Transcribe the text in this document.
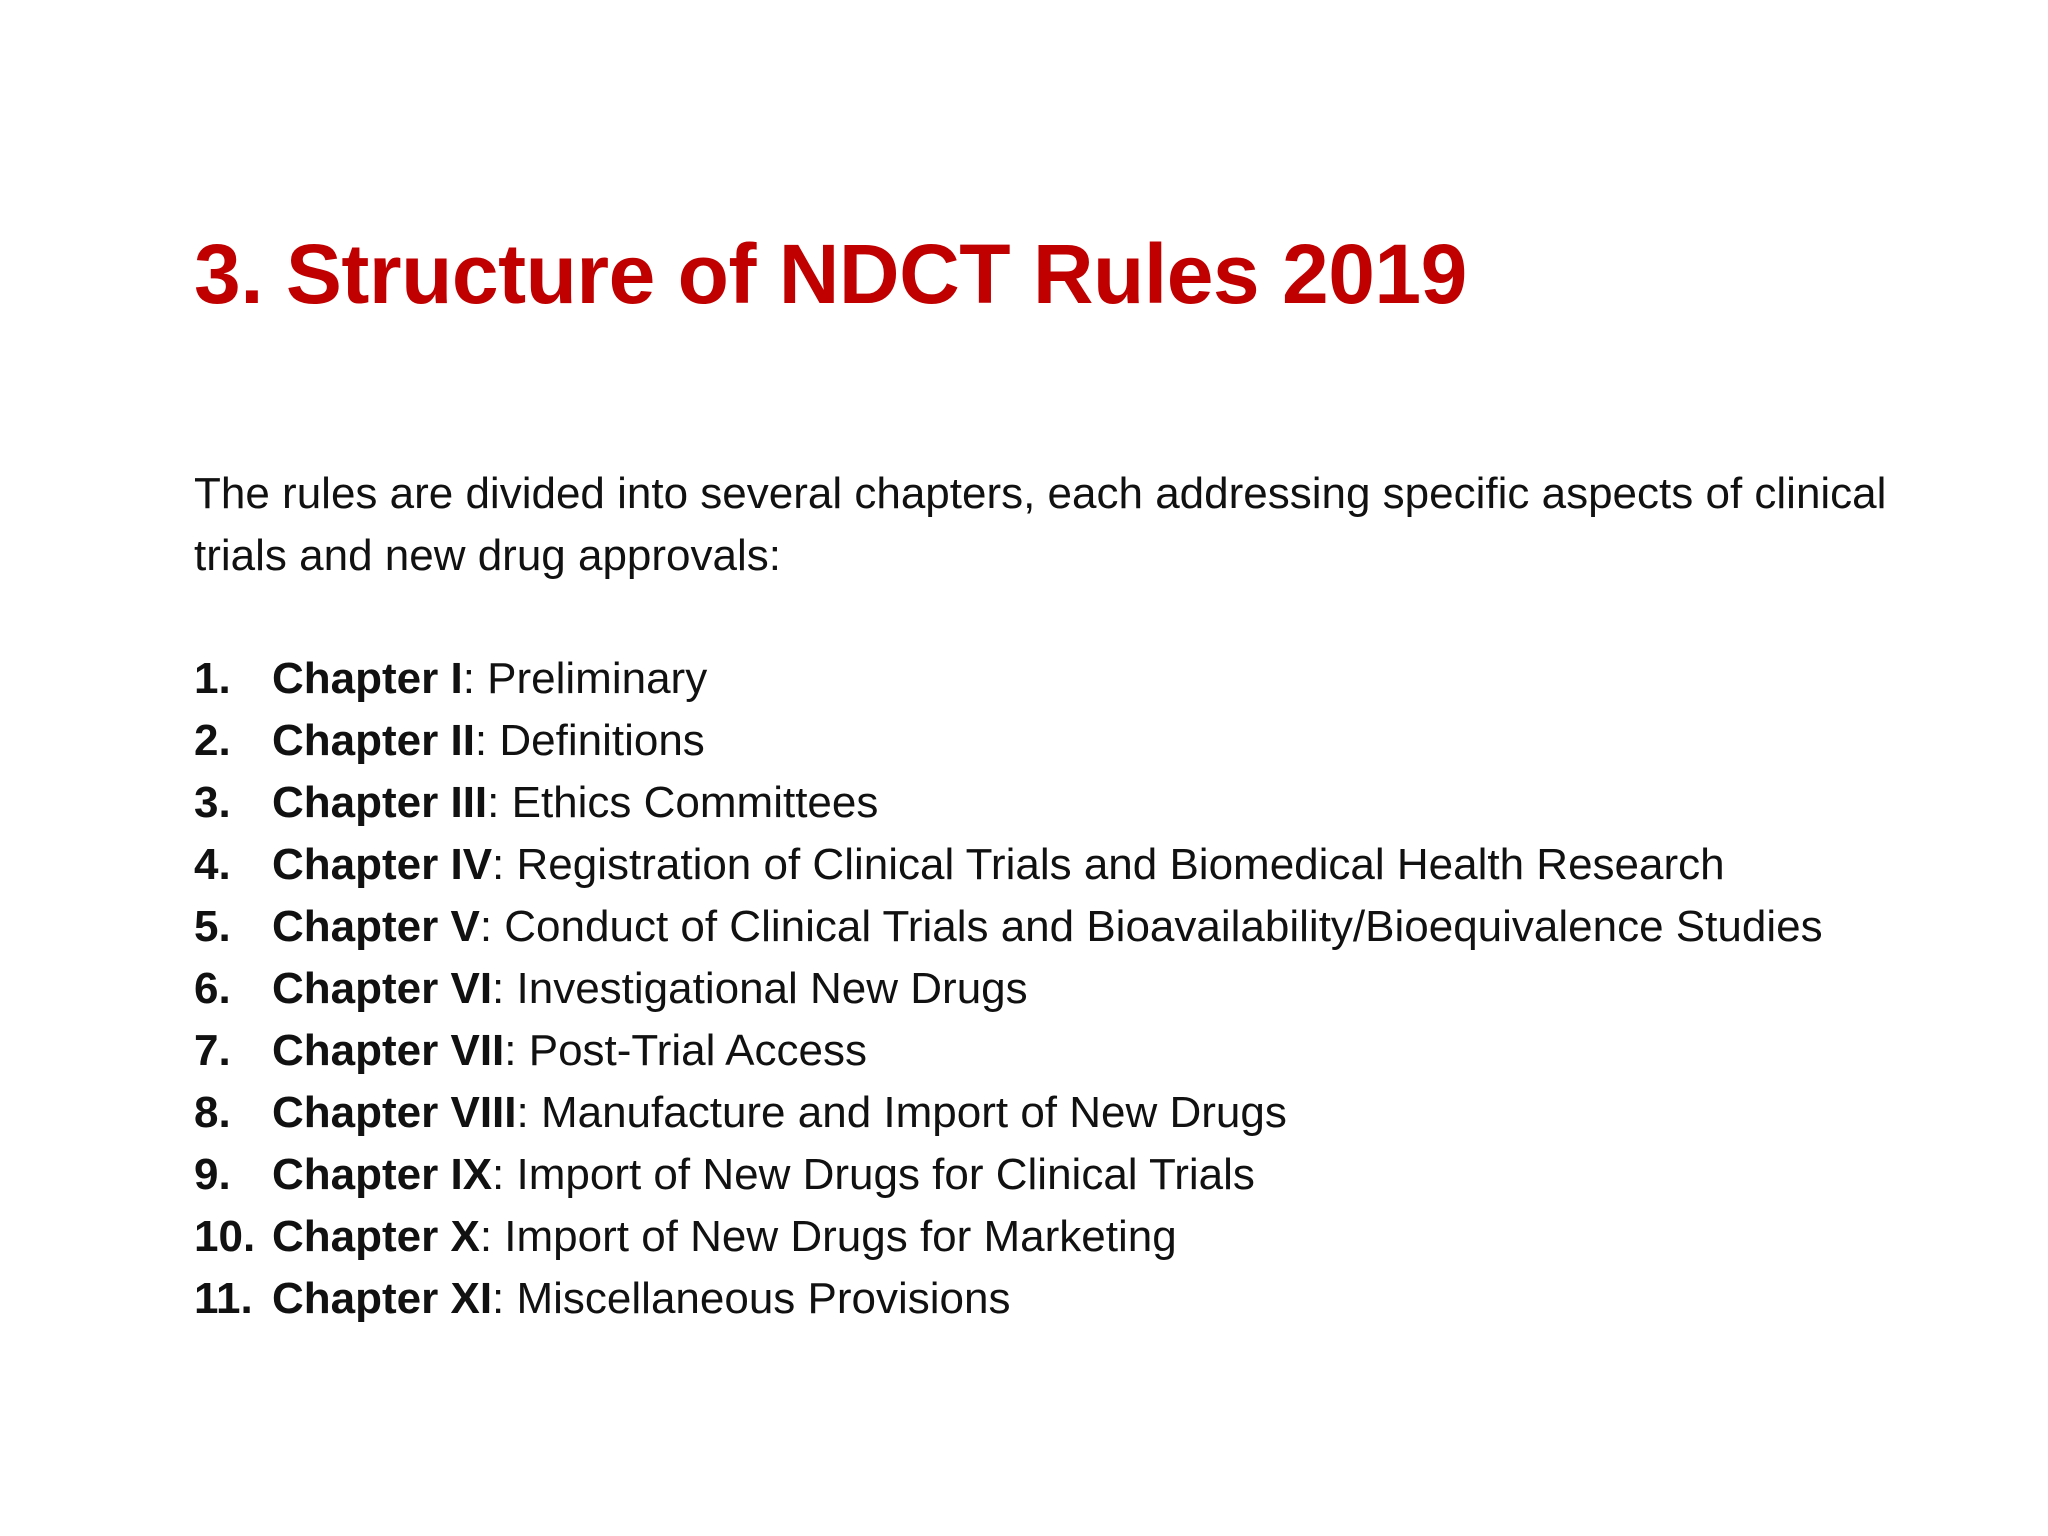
3. Structure of NDCT Rules 2019

The rules are divided into several chapters, each addressing specific aspects of clinical trials and new drug approvals:

1. Chapter I: Preliminary
2. Chapter II: Definitions
3. Chapter III: Ethics Committees
4. Chapter IV: Registration of Clinical Trials and Biomedical Health Research
5. Chapter V: Conduct of Clinical Trials and Bioavailability/Bioequivalence Studies
6. Chapter VI: Investigational New Drugs
7. Chapter VII: Post-Trial Access
8. Chapter VIII: Manufacture and Import of New Drugs
9. Chapter IX: Import of New Drugs for Clinical Trials
10. Chapter X: Import of New Drugs for Marketing
11. Chapter XI: Miscellaneous Provisions
